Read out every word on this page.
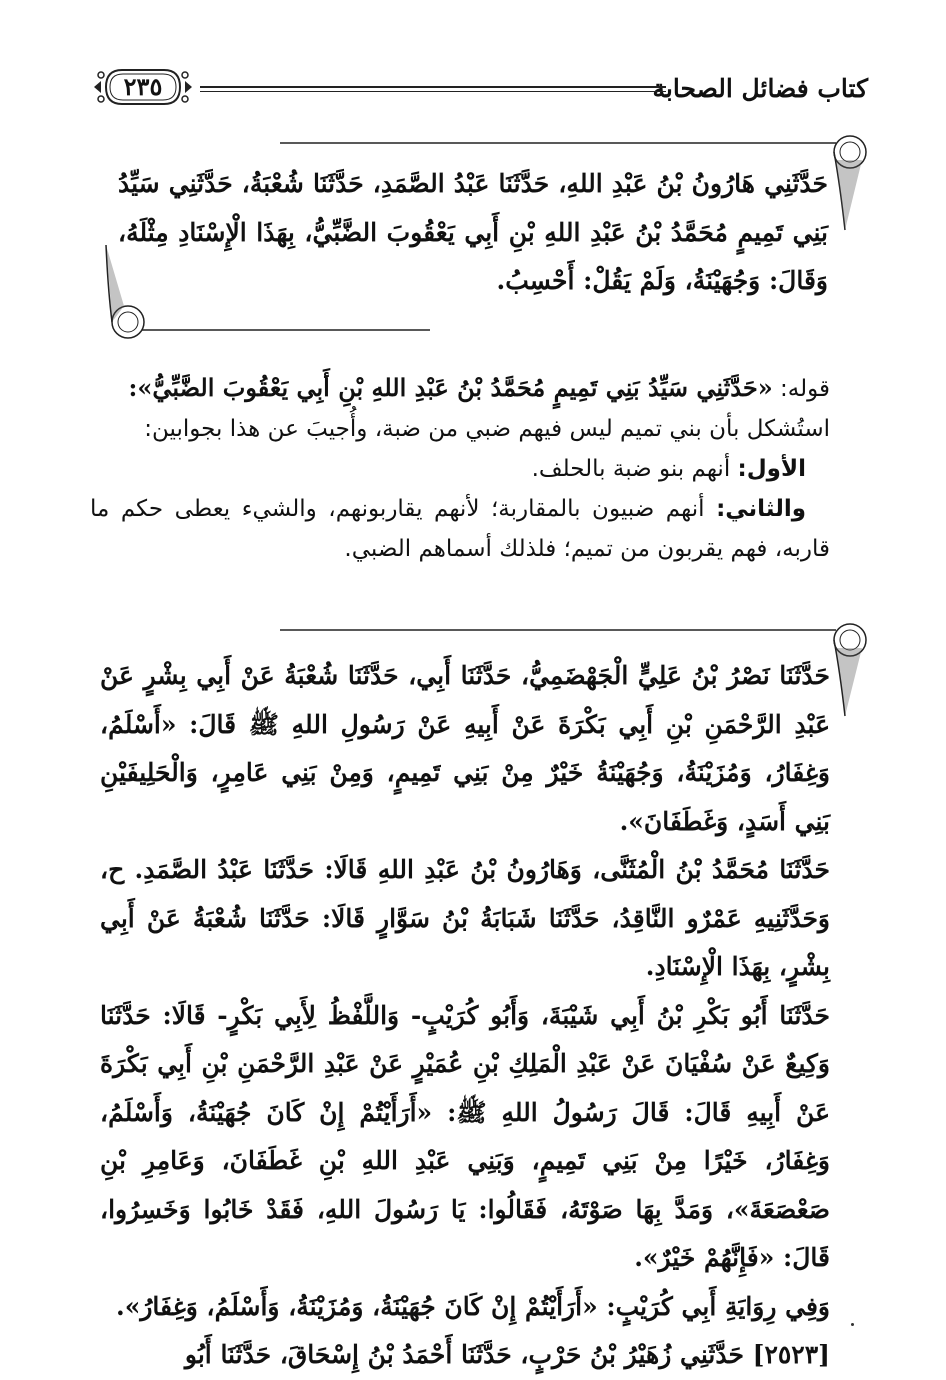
كتاب فضائل الصحابة
٢٣٥
حَدَّثَنِي هَارُونُ بْنُ عَبْدِ اللهِ، حَدَّثَنَا عَبْدُ الصَّمَدِ، حَدَّثَنَا شُعْبَةُ، حَدَّثَنِي سَيِّدُ بَنِي تَمِيمٍ مُحَمَّدُ بْنُ عَبْدِ اللهِ بْنِ أَبِي يَعْقُوبَ الضَّبِّيُّ، بِهَذَا الْإِسْنَادِ مِثْلَهُ، وَقَالَ: وَجُهَيْنَةُ، وَلَمْ يَقُلْ: أَحْسِبُ.

قوله: «حَدَّثَنِي سَيِّدُ بَنِي تَمِيمٍ مُحَمَّدُ بْنُ عَبْدِ اللهِ بْنِ أَبِي يَعْقُوبَ الضَّبِّيُّ»:

استُشكل بأن بني تميم ليس فيهم ضبي من ضبة، وأُجيبَ عن هذا بجوابين:

الأول: أنهم بنو ضبة بالحلف.

والثاني: أنهم ضبيون بالمقاربة؛ لأنهم يقاربونهم، والشيء يعطى حكم ما قاربه، فهم يقربون من تميم؛ فلذلك أسماهم الضبي.

حَدَّثَنَا نَصْرُ بْنُ عَلِيٍّ الْجَهْضَمِيُّ، حَدَّثَنَا أَبِي، حَدَّثَنَا شُعْبَةُ عَنْ أَبِي بِشْرٍ عَنْ عَبْدِ الرَّحْمَنِ بْنِ أَبِي بَكْرَةَ عَنْ أَبِيهِ عَنْ رَسُولِ اللهِ ﷺ قَالَ: «أَسْلَمُ، وَغِفَارُ، وَمُزَيْنَةُ، وَجُهَيْنَةُ خَيْرٌ مِنْ بَنِي تَمِيمٍ، وَمِنْ بَنِي عَامِرٍ، وَالْحَلِيفَيْنِ بَنِي أَسَدٍ، وَغَطَفَانَ».

حَدَّثَنَا مُحَمَّدُ بْنُ الْمُثَنَّى، وَهَارُونُ بْنُ عَبْدِ اللهِ قَالَا: حَدَّثَنَا عَبْدُ الصَّمَدِ. ح، وَحَدَّثَنِيهِ عَمْرٌو النَّاقِدُ، حَدَّثَنَا شَبَابَةُ بْنُ سَوَّارٍ قَالَا: حَدَّثَنَا شُعْبَةُ عَنْ أَبِي بِشْرٍ، بِهَذَا الْإِسْنَادِ.

حَدَّثَنَا أَبُو بَكْرِ بْنُ أَبِي شَيْبَةَ، وَأَبُو كُرَيْبٍ- وَاللَّفْظُ لِأَبِي بَكْرٍ- قَالَا: حَدَّثَنَا وَكِيعٌ عَنْ سُفْيَانَ عَنْ عَبْدِ الْمَلِكِ بْنِ عُمَيْرٍ عَنْ عَبْدِ الرَّحْمَنِ بْنِ أَبِي بَكْرَةَ عَنْ أَبِيهِ قَالَ: قَالَ رَسُولُ اللهِ ﷺ: «أَرَأَيْتُمْ إِنْ كَانَ جُهَيْنَةُ، وَأَسْلَمُ، وَغِفَارُ، خَيْرًا مِنْ بَنِي تَمِيمٍ، وَبَنِي عَبْدِ اللهِ بْنِ غَطَفَانَ، وَعَامِرِ بْنِ صَعْصَعَةَ»، وَمَدَّ بِهَا صَوْتَهُ، فَقَالُوا: يَا رَسُولَ اللهِ، فَقَدْ خَابُوا وَخَسِرُوا، قَالَ: «فَإِنَّهُمْ خَيْرٌ».

وَفِي رِوَايَةِ أَبِي كُرَيْبٍ: «أَرَأَيْتُمْ إِنْ كَانَ جُهَيْنَةُ، وَمُزَيْنَةُ، وَأَسْلَمُ، وَغِفَارُ».

[٢٥٢٣] حَدَّثَنِي زُهَيْرُ بْنُ حَرْبٍ، حَدَّثَنَا أَحْمَدُ بْنُ إِسْحَاقَ، حَدَّثَنَا أَبُو
